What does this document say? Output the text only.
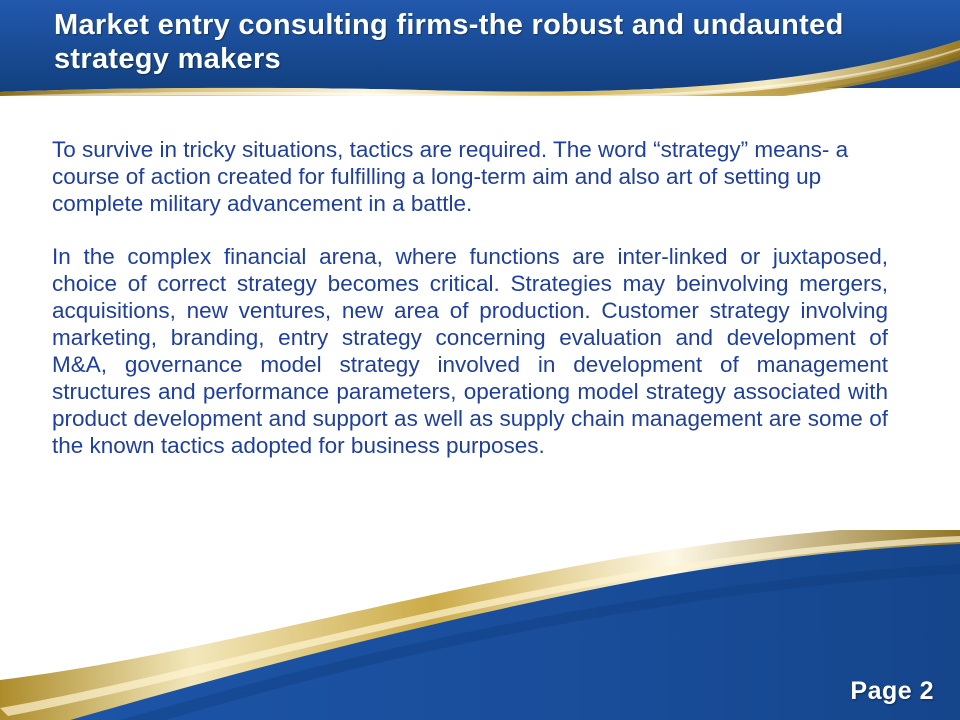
Market entry consulting firms-the robust and undaunted strategy makers

To survive in tricky situations, tactics are required. The word “strategy” means- a course of action created for fulfilling a long-term aim and also art of setting up complete military advancement in a battle.

In the complex financial arena, where functions are inter-linked or juxtaposed, choice of correct strategy becomes critical. Strategies may beinvolving mergers, acquisitions, new ventures, new area of production. Customer strategy involving marketing, branding, entry strategy concerning evaluation and development of M&A, governance model strategy involved in development of management structures and performance parameters, operationg model strategy associated with product development and support as well as supply chain management are some of the known tactics adopted for business purposes.

Page 2
